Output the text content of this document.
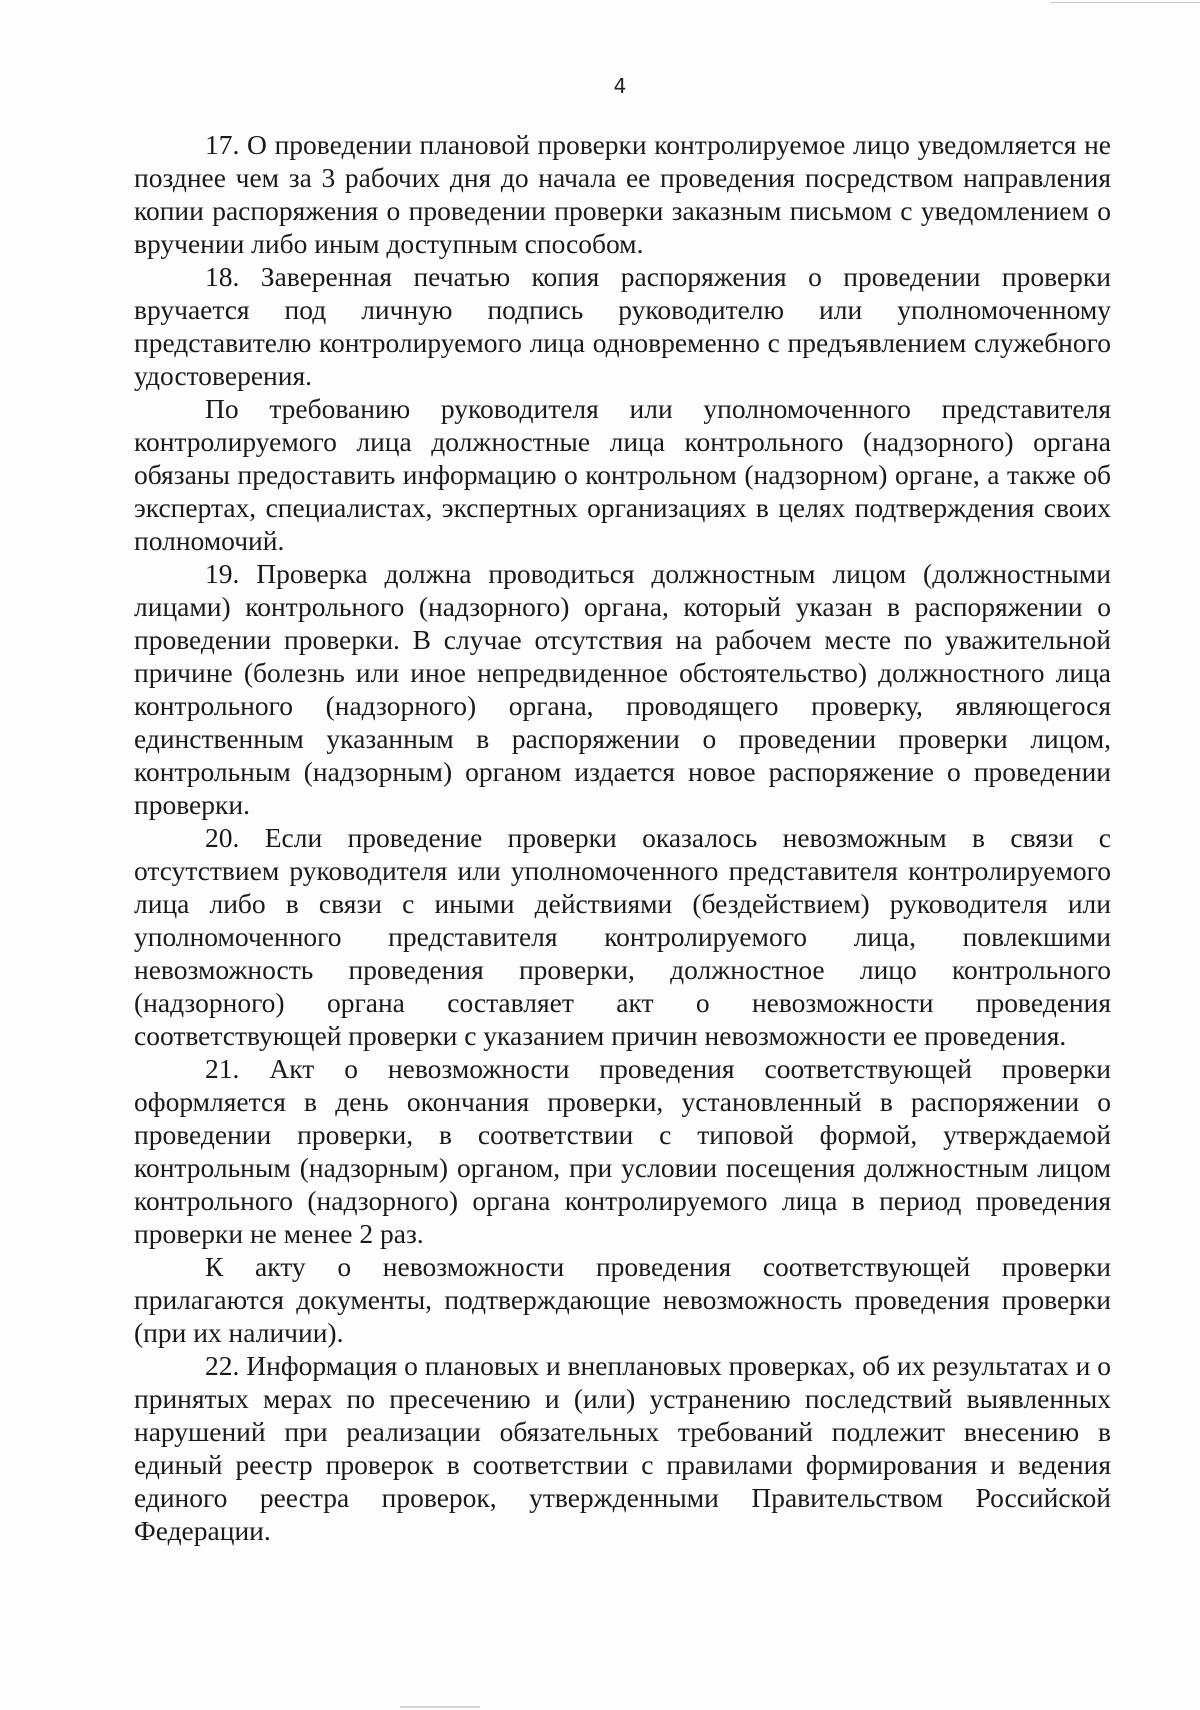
4

17. О проведении плановой проверки контролируемое лицо уведомляется не позднее чем за 3 рабочих дня до начала ее проведения посредством направления копии распоряжения о проведении проверки заказным письмом с уведомлением о вручении либо иным доступным способом.

18. Заверенная печатью копия распоряжения о проведении проверки вручается под личную подпись руководителю или уполномоченному представителю контролируемого лица одновременно с предъявлением служебного удостоверения.

По требованию руководителя или уполномоченного представителя контролируемого лица должностные лица контрольного (надзорного) органа обязаны предоставить информацию о контрольном (надзорном) органе, а также об экспертах, специалистах, экспертных организациях в целях подтверждения своих полномочий.

19. Проверка должна проводиться должностным лицом (должностными лицами) контрольного (надзорного) органа, который указан в распоряжении о проведении проверки. В случае отсутствия на рабочем месте по уважительной причине (болезнь или иное непредвиденное обстоятельство) должностного лица контрольного (надзорного) органа, проводящего проверку, являющегося единственным указанным в распоряжении о проведении проверки лицом, контрольным (надзорным) органом издается новое распоряжение о проведении проверки.

20. Если проведение проверки оказалось невозможным в связи с отсутствием руководителя или уполномоченного представителя контролируемого лица либо в связи с иными действиями (бездействием) руководителя или уполномоченного представителя контролируемого лица, повлекшими невозможность проведения проверки, должностное лицо контрольного (надзорного) органа составляет акт о невозможности проведения соответствующей проверки с указанием причин невозможности ее проведения.

21. Акт о невозможности проведения соответствующей проверки оформляется в день окончания проверки, установленный в распоряжении о проведении проверки, в соответствии с типовой формой, утверждаемой контрольным (надзорным) органом, при условии посещения должностным лицом контрольного (надзорного) органа контролируемого лица в период проведения проверки не менее 2 раз.

К акту о невозможности проведения соответствующей проверки прилагаются документы, подтверждающие невозможность проведения проверки (при их наличии).

22. Информация о плановых и внеплановых проверках, об их результатах и о принятых мерах по пресечению и (или) устранению последствий выявленных нарушений при реализации обязательных требований подлежит внесению в единый реестр проверок в соответствии с правилами формирования и ведения единого реестра проверок, утвержденными Правительством Российской Федерации.
